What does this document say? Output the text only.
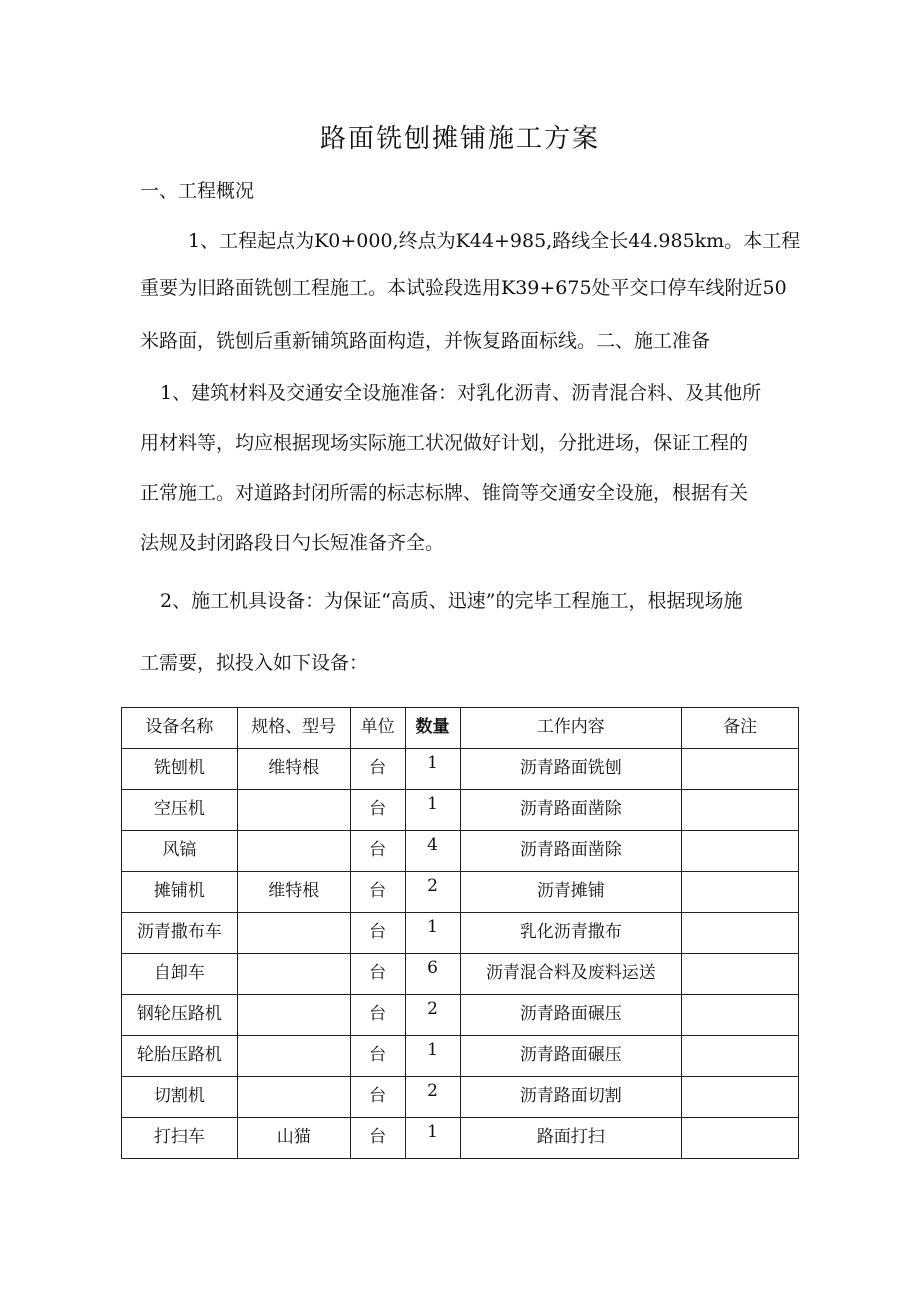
路面铣刨摊铺施工方案
一、工程概况
1、工程起点为K0+000,终点为K44+985,路线全长44.985km。本工程
重要为旧路面铣刨工程施工。本试验段选用K39+675处平交口停车线附近50
米路面，铣刨后重新铺筑路面构造，并恢复路面标线。二、施工准备
1、建筑材料及交通安全设施准备：对乳化沥青、沥青混合料、及其他所
用材料等，均应根据现场实际施工状况做好计划，分批进场，保证工程的
正常施工。对道路封闭所需的标志标牌、锥筒等交通安全设施，根据有关
法规及封闭路段日勺长短准备齐全。
2、施工机具设备：为保证“高质、迅速”的完毕工程施工，根据现场施
工需要，拟投入如下设备：
设备名称	规格、型号	单位	数量	工作内容	备注
铣刨机	维特根	台	1	沥青路面铣刨	
空压机		台	1	沥青路面凿除	
风镐		台	4	沥青路面凿除	
摊铺机	维特根	台	2	沥青摊铺	
沥青撒布车		台	1	乳化沥青撒布	
自卸车		台	6	沥青混合料及废料运送	
钢轮压路机		台	2	沥青路面碾压	
轮胎压路机		台	1	沥青路面碾压	
切割机		台	2	沥青路面切割	
打扫车	山猫	台	1	路面打扫	
